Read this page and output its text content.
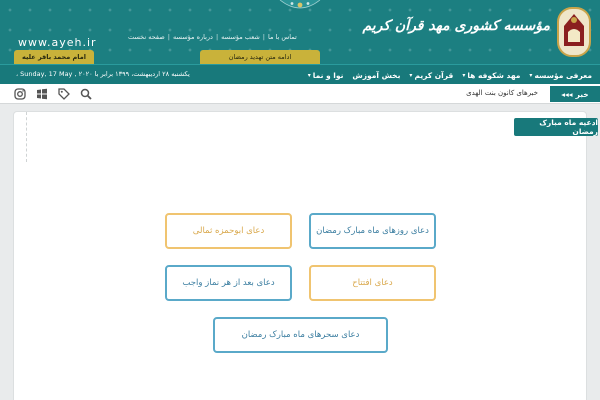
www.ayeh.ir	صفحه نخست | درباره مؤسسه | شعب مؤسسه | تماس با ما
مؤسسه کشوری مهد قرآن کریم
امام محمد باقر علیه	ادامه متن تهدید رمضان
یکشنبه ۲۸ اردیبهشت، ۱۳۹۹ برابر با Sunday, 17 May , ۲۰۲۰ ،	معرفی مؤسسه
▾
مهد شکوفه ها
▾
قرآن کریم
▾
بخش آموزش
نوا و نما
▾
خبرهای کانون بنت الهدی	خبر
◂◂◂
ادعیه ماه مبارک رمضان
دعای روزهای ماه مبارک رمضان
دعای ابوحمزه ثمالی
دعای افتتاح
دعای بعد از هر نماز واجب
دعای سحرهای ماه مبارک رمضان
